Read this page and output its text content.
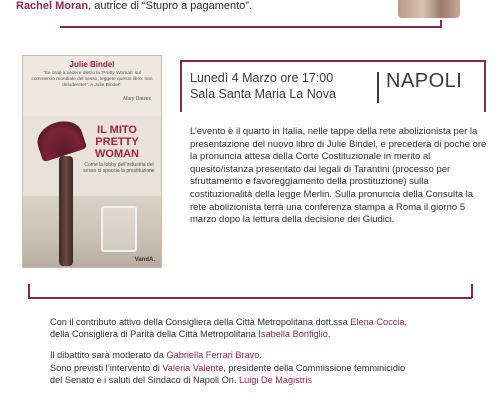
Rachel Moran, autrice di “Stupro a pagamento”.
Julie Bindel
“Se oraè a vedere dietro la ‘Pretty Woman’ sul commercio mondiale del sesso, leggete questo libro: non deluderete!”. A Julie Bindel”.
Mary Dawes
IL MITO
PRETTY
WOMAN
Come la lobby dell’industria del sesso ci spaccia la prostituzione
VandA.
Lunedì 4 Marzo ore 17:00
Sala Santa Maria La Nova
NAPOLI
L’evento è il quarto in Italia, nelle tappe della rete abolizionista per la presentazione del nuovo libro di Julie Bindel, e precederà di poche ore la pronuncia attesa della Corte Costituzionale in merito al quesito/istanza presentato dai legali di Tarantini (processo per sfruttamento e favoreggiamento della prostituzione) sulla costituzionalità della legge Merlin. Sulla pronuncia della Consulta la rete abolizionista terrà una conferenza stampa a Roma il giorno 5 marzo dopo la lettura della decisione dei Giudici.

Con il contributo attivo della Consigliera della Città Metropolitana dott.ssa Elena Coccia,

della Consigliera di Parità della Città Metropolitana Isabella Bonfiglio.

Il dibattito sarà moderato da Gabriella Ferrari Bravo.

Sono previsti l’intervento di Valeria Valente, presidente della Commissione femminicidio

del Senato e i saluti del Sindaco di Napoli On. Luigi De Magistris
